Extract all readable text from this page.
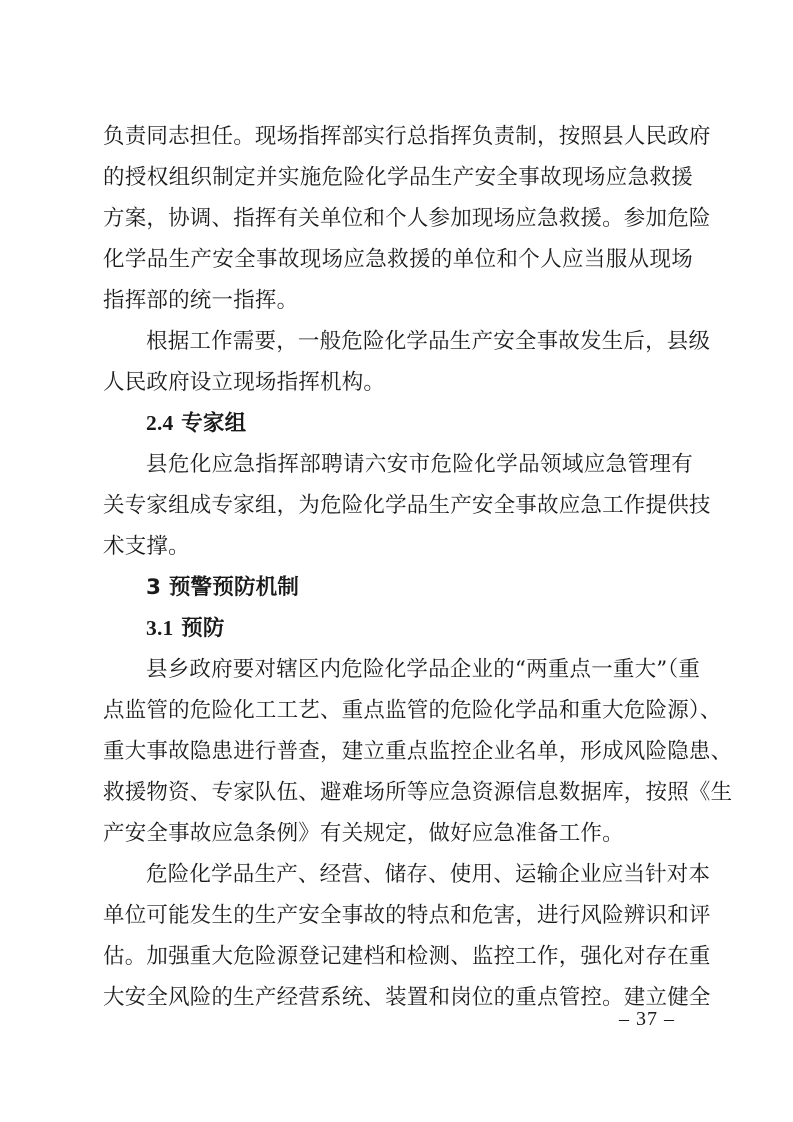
负责同志担任。现场指挥部实行总指挥负责制，按照县人民政府
的授权组织制定并实施危险化学品生产安全事故现场应急救援
方案，协调、指挥有关单位和个人参加现场应急救援。参加危险
化学品生产安全事故现场应急救援的单位和个人应当服从现场
指挥部的统一指挥。
根据工作需要，一般危险化学品生产安全事故发生后，县级
人民政府设立现场指挥机构。
2.4 专家组
县危化应急指挥部聘请六安市危险化学品领域应急管理有
关专家组成专家组，为危险化学品生产安全事故应急工作提供技
术支撑。
3 预警预防机制
3.1 预防
县乡政府要对辖区内危险化学品企业的“两重点一重大”（重
点监管的危险化工工艺、重点监管的危险化学品和重大危险源）、
重大事故隐患进行普查，建立重点监控企业名单，形成风险隐患、
救援物资、专家队伍、避难场所等应急资源信息数据库，按照《生
产安全事故应急条例》有关规定，做好应急准备工作。
危险化学品生产、经营、储存、使用、运输企业应当针对本
单位可能发生的生产安全事故的特点和危害，进行风险辨识和评
估。加强重大危险源登记建档和检测、监控工作，强化对存在重
大安全风险的生产经营系统、装置和岗位的重点管控。建立健全
– 37 –
